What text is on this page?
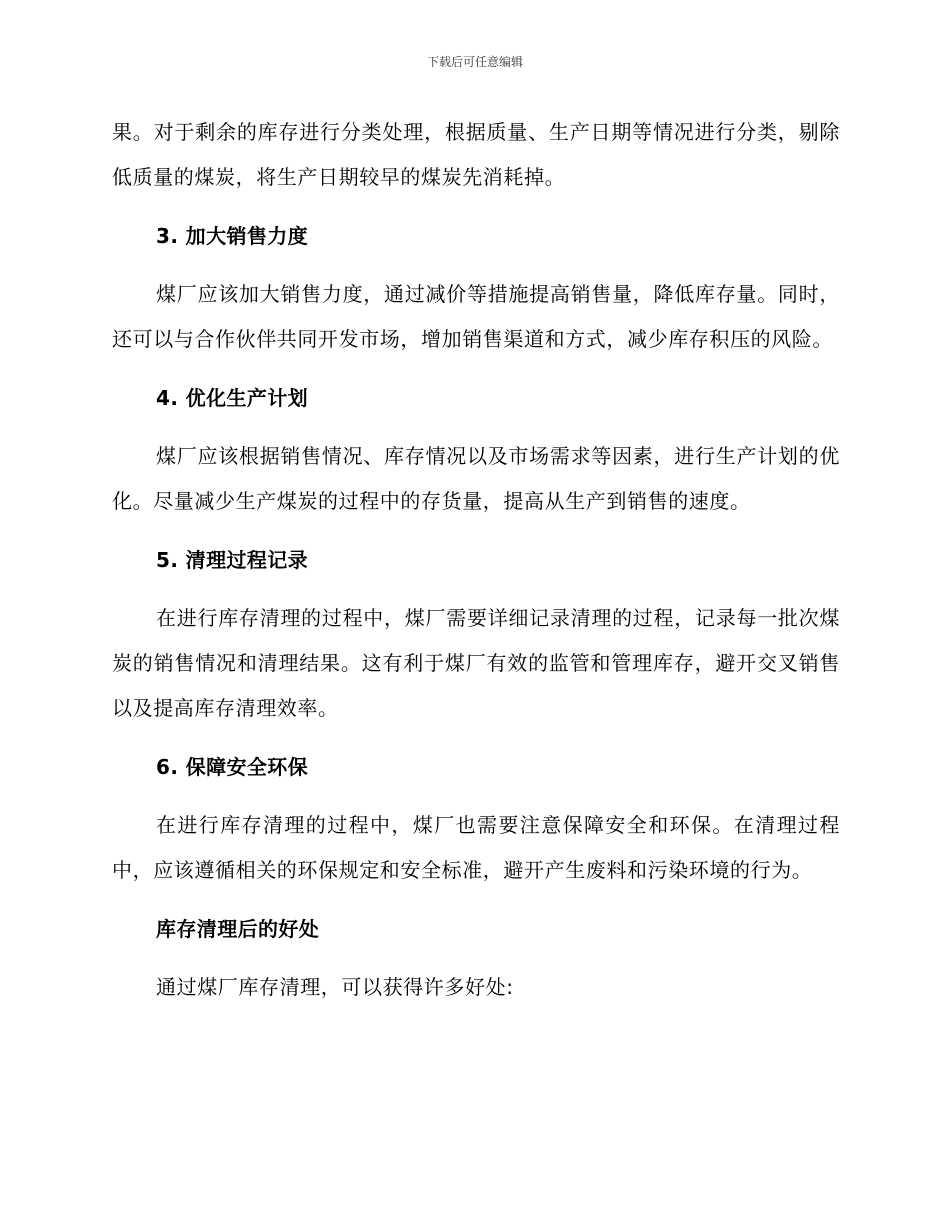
下载后可任意编辑

果。对于剩余的库存进行分类处理，根据质量、生产日期等情况进行分类，剔除低质量的煤炭，将生产日期较早的煤炭先消耗掉。

3. 加大销售力度

煤厂应该加大销售力度，通过减价等措施提高销售量，降低库存量。同时，还可以与合作伙伴共同开发市场，增加销售渠道和方式，减少库存积压的风险。

4. 优化生产计划

煤厂应该根据销售情况、库存情况以及市场需求等因素，进行生产计划的优化。尽量减少生产煤炭的过程中的存货量，提高从生产到销售的速度。

5. 清理过程记录

在进行库存清理的过程中，煤厂需要详细记录清理的过程，记录每一批次煤炭的销售情况和清理结果。这有利于煤厂有效的监管和管理库存，避开交叉销售以及提高库存清理效率。

6. 保障安全环保

在进行库存清理的过程中，煤厂也需要注意保障安全和环保。在清理过程中，应该遵循相关的环保规定和安全标准，避开产生废料和污染环境的行为。

库存清理后的好处

通过煤厂库存清理，可以获得许多好处:
